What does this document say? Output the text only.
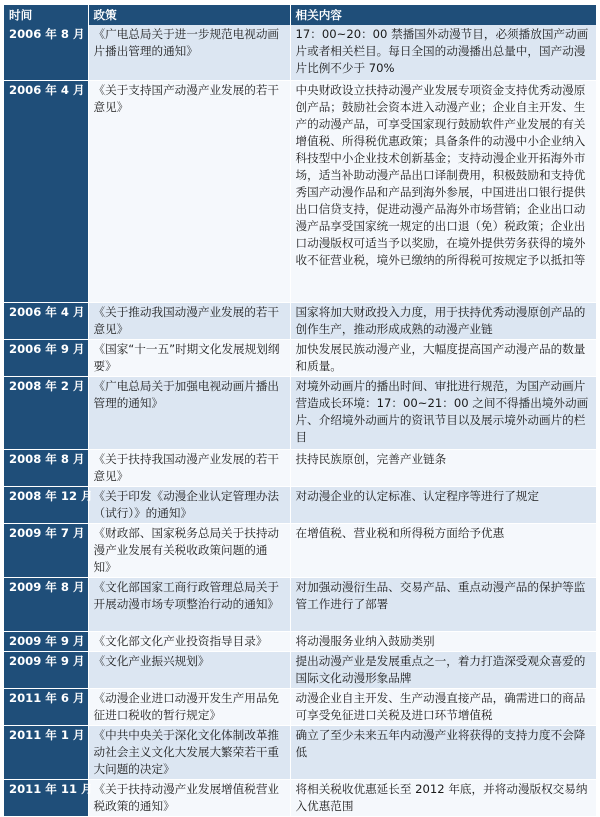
时间	政策	相关内容
2006 年 8 月	《广电总局关于进一步规范电视动画片播出管理的通知》	17：00~20：00 禁播国外动漫节目，必须播放国产动画片或者相关栏目。每日全国的动漫播出总量中，国产动漫片比例不少于 70%
2006 年 4 月	《关于支持国产动漫产业发展的若干意见》	中央财政设立扶持动漫产业发展专项资金支持优秀动漫原创产品；鼓励社会资本进入动漫产业；企业自主开发、生产的动漫产品，可享受国家现行鼓励软件产业发展的有关增值税、所得税优惠政策；具备条件的动漫中小企业纳入科技型中小企业技术创新基金；支持动漫企业开拓海外市场，适当补助动漫产品出口译制费用，积极鼓励和支持优秀国产动漫作品和产品到海外参展，中国进出口银行提供出口信贷支持，促进动漫产品海外市场营销；企业出口动漫产品享受国家统一规定的出口退（免）税政策；企业出口动漫版权可适当予以奖励，在境外提供劳务获得的境外收不征营业税，境外已缴纳的所得税可按规定予以抵扣等
2006 年 4 月	《关于推动我国动漫产业发展的若干意见》	国家将加大财政投入力度，用于扶持优秀动漫原创产品的创作生产，推动形成成熟的动漫产业链
2006 年 9 月	《国家“十一五”时期文化发展规划纲要》	加快发展民族动漫产业，大幅度提高国产动漫产品的数量和质量。
2008 年 2 月	《广电总局关于加强电视动画片播出管理的通知》	对境外动画片的播出时间、审批进行规范，为国产动画片营造成长环境：17：00~21：00 之间不得播出境外动画片、介绍境外动画片的资讯节目以及展示境外动画片的栏目
2008 年 8 月	《关于扶持我国动漫产业发展的若干意见》	扶持民族原创，完善产业链条
2008 年 12 月	《关于印发《动漫企业认定管理办法（试行）》的通知》	对动漫企业的认定标准、认定程序等进行了规定
2009 年 7 月	《财政部、国家税务总局关于扶持动漫产业发展有关税收政策问题的通知》	在增值税、营业税和所得税方面给予优惠
2009 年 8 月	《文化部国家工商行政管理总局关于开展动漫市场专项整治行动的通知》	对加强动漫衍生品、交易产品、重点动漫产品的保护等监管工作进行了部署
2009 年 9 月	《文化部文化产业投资指导目录》	将动漫服务业纳入鼓励类别
2009 年 9 月	《文化产业振兴规划》	提出动漫产业是发展重点之一，着力打造深受观众喜爱的国际文化动漫形象品牌
2011 年 6 月	《动漫企业进口动漫开发生产用品免征进口税收的暂行规定》	动漫企业自主开发、生产动漫直接产品，确需进口的商品可享受免征进口关税及进口环节增值税
2011 年 1 月	《中共中央关于深化文化体制改革推动社会主义文化大发展大繁荣若干重大问题的决定》	确立了至少未来五年内动漫产业将获得的支持力度不会降低
2011 年 11 月	《关于扶持动漫产业发展增值税营业税政策的通知》	将相关税收优惠延长至 2012 年底，并将动漫版权交易纳入优惠范围
